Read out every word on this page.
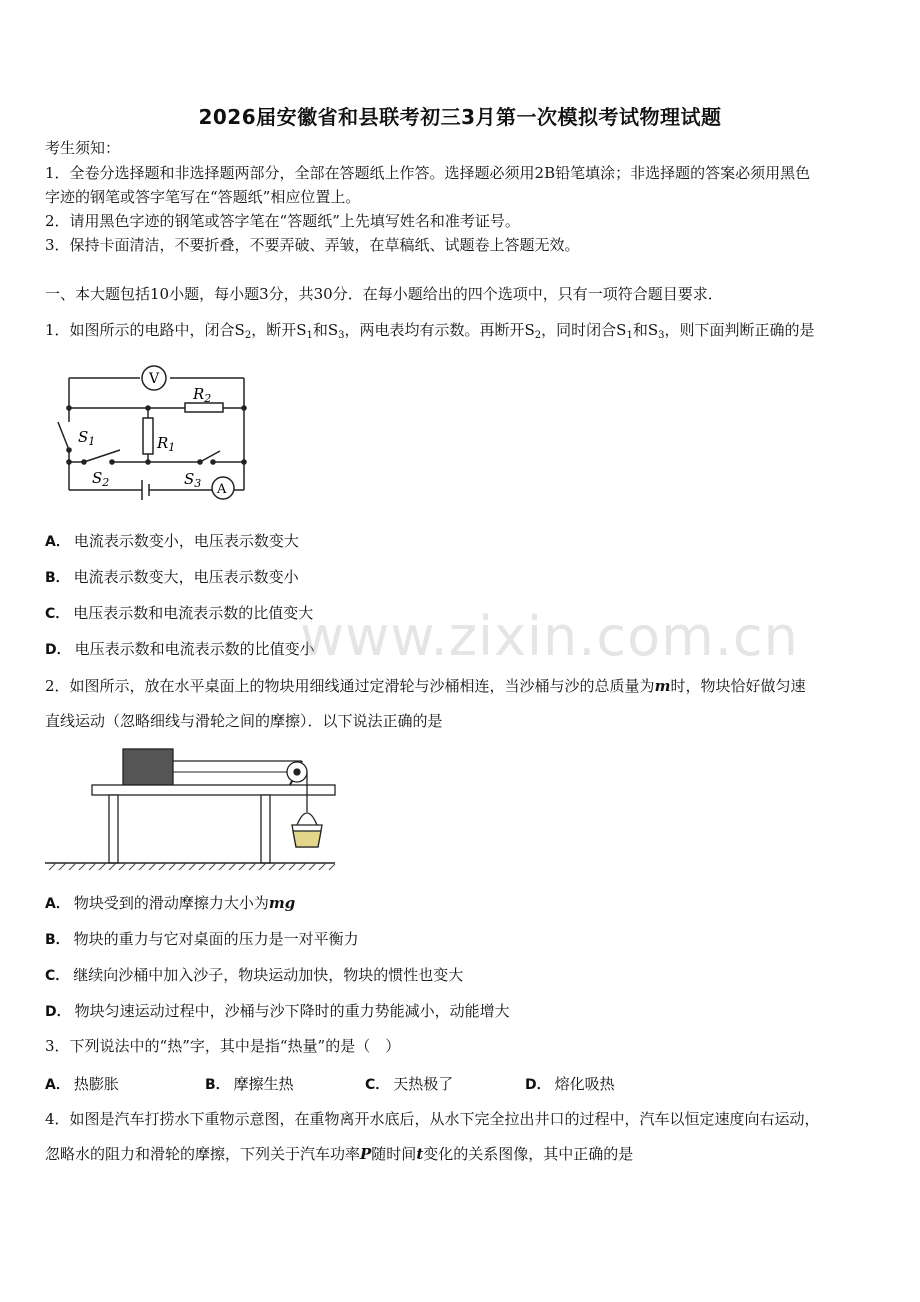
2026届安徽省和县联考初三3月第一次模拟考试物理试题
考生须知：
1．全卷分选择题和非选择题两部分，全部在答题纸上作答。选择题必须用2B铅笔填涂；非选择题的答案必须用黑色
字迹的钢笔或答字笔写在“答题纸”相应位置上。
2．请用黑色字迹的钢笔或答字笔在“答题纸”上先填写姓名和准考证号。
3．保持卡面清洁，不要折叠，不要弄破、弄皱，在草稿纸、试题卷上答题无效。
一、本大题包括10小题，每小题3分，共30分．在每小题给出的四个选项中，只有一项符合题目要求．
1．如图所示的电路中，闭合$S_2$，断开$S_1$和$S_3$，两电表均有示数。再断开$S_2$，同时闭合$S_1$和$S_3$，则下面判断正确的是
V
A
$R_2$
$R_1$
$S_1$
$S_2$	$S_3$
A． 电流表示数变小，电压表示数变大
B． 电流表示数变大，电压表示数变小
C． 电压表示数和电流表示数的比值变大
D． 电压表示数和电流表示数的比值变小
www.zixin.com.cn
2．如图所示，放在水平桌面上的物块用细线通过定滑轮与沙桶相连，当沙桶与沙的总质量为m时，物块恰好做匀速
直线运动（忽略细线与滑轮之间的摩擦）．以下说法正确的是
A． 物块受到的滑动摩擦力大小为mg
B． 物块的重力与它对桌面的压力是一对平衡力
C． 继续向沙桶中加入沙子，物块运动加快，物块的惯性也变大
D． 物块匀速运动过程中，沙桶与沙下降时的重力势能减小，动能增大
3．下列说法中的“热”字，其中是指“热量”的是（　）
A． 热膨胀	B． 摩擦生热	C． 天热极了	D． 熔化吸热
4．如图是汽车打捞水下重物示意图，在重物离开水底后，从水下完全拉出井口的过程中，汽车以恒定速度向右运动，
忽略水的阻力和滑轮的摩擦，下列关于汽车功率P随时间t变化的关系图像，其中正确的是
